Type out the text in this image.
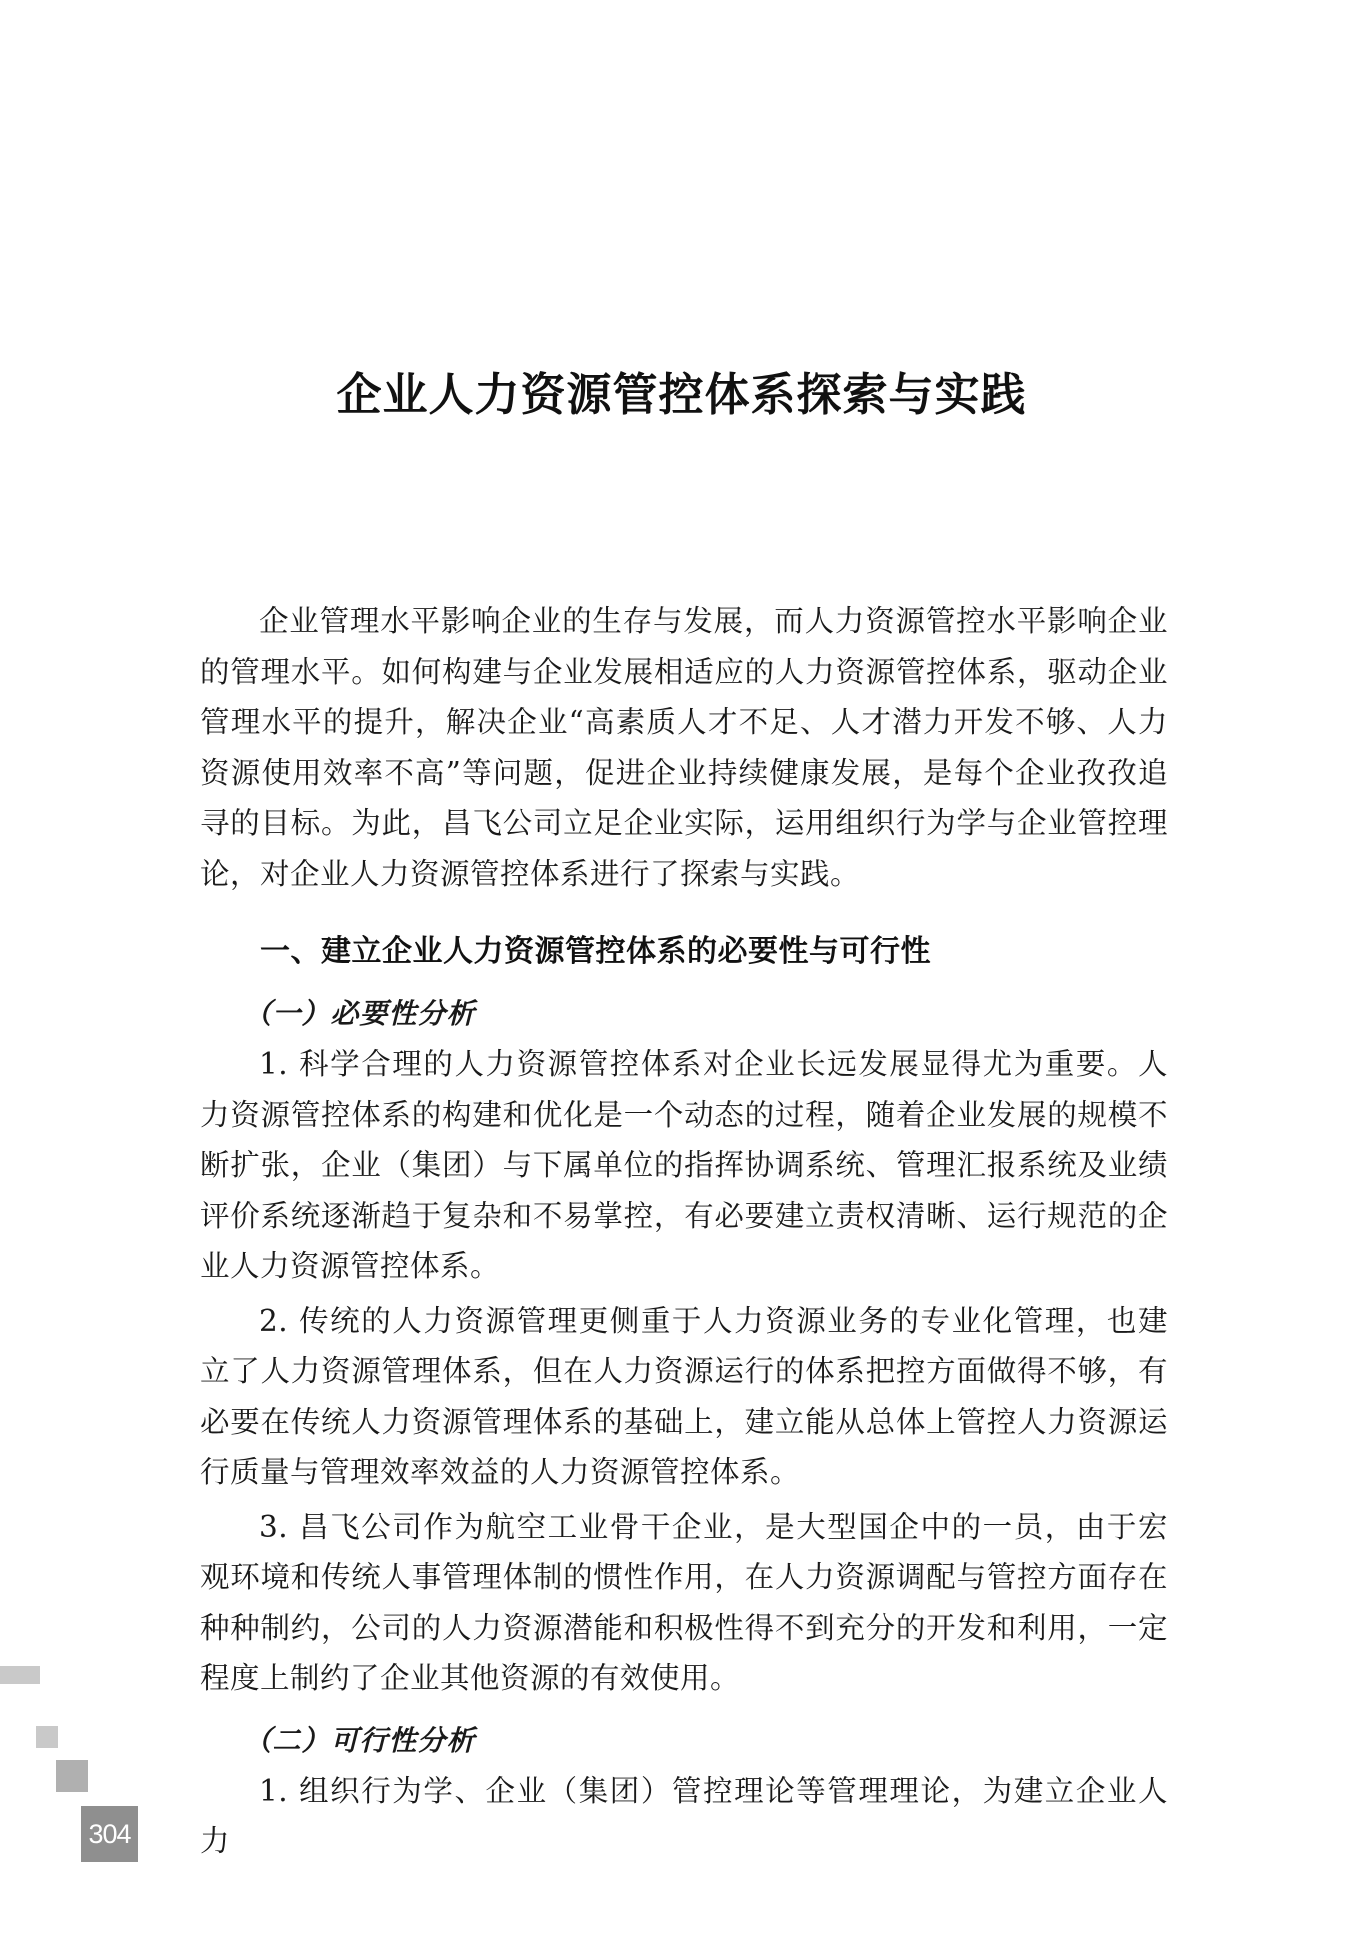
企业人力资源管控体系探索与实践

企业管理水平影响企业的生存与发展，而人力资源管控水平影响企业的管理水平。如何构建与企业发展相适应的人力资源管控体系，驱动企业管理水平的提升，解决企业“高素质人才不足、人才潜力开发不够、人力资源使用效率不高”等问题，促进企业持续健康发展，是每个企业孜孜追寻的目标。为此，昌飞公司立足企业实际，运用组织行为学与企业管控理论，对企业人力资源管控体系进行了探索与实践。

一、建立企业人力资源管控体系的必要性与可行性
（一）必要性分析

1. 科学合理的人力资源管控体系对企业长远发展显得尤为重要。人力资源管控体系的构建和优化是一个动态的过程，随着企业发展的规模不断扩张，企业（集团）与下属单位的指挥协调系统、管理汇报系统及业绩评价系统逐渐趋于复杂和不易掌控，有必要建立责权清晰、运行规范的企业人力资源管控体系。

2. 传统的人力资源管理更侧重于人力资源业务的专业化管理，也建立了人力资源管理体系，但在人力资源运行的体系把控方面做得不够，有必要在传统人力资源管理体系的基础上，建立能从总体上管控人力资源运行质量与管理效率效益的人力资源管控体系。

3. 昌飞公司作为航空工业骨干企业，是大型国企中的一员，由于宏观环境和传统人事管理体制的惯性作用，在人力资源调配与管控方面存在种种制约，公司的人力资源潜能和积极性得不到充分的开发和利用，一定程度上制约了企业其他资源的有效使用。

（二）可行性分析

1. 组织行为学、企业（集团）管控理论等管理理论，为建立企业人力

304
